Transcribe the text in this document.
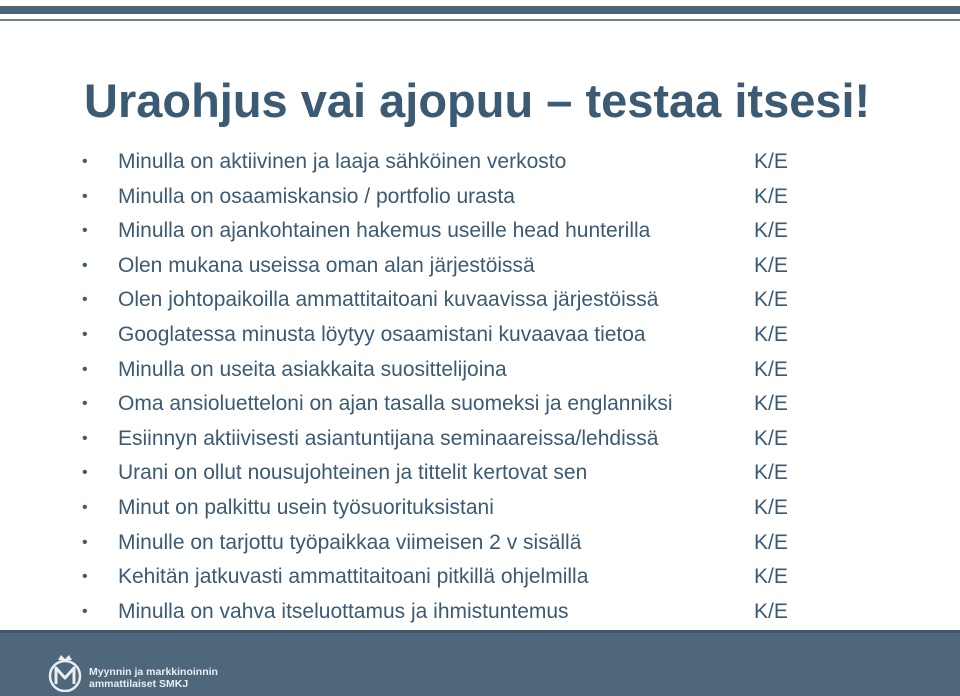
Uraohjus vai ajopuu – testaa itsesi!
• Minulla on aktiivinen ja laaja sähköinen verkosto	K/E
• Minulla on osaamiskansio / portfolio urasta	K/E
• Minulla on ajankohtainen hakemus useille head hunterilla	K/E
• Olen mukana useissa oman alan järjestöissä	K/E
• Olen johtopaikoilla ammattitaitoani kuvaavissa järjestöissä	K/E
• Googlatessa minusta löytyy osaamistani kuvaavaa tietoa	K/E
• Minulla on useita asiakkaita suosittelijoina	K/E
• Oma ansioluetteloni on ajan tasalla suomeksi ja englanniksi	K/E
• Esiinnyn aktiivisesti asiantuntijana seminaareissa/lehdissä	K/E
• Urani on ollut nousujohteinen ja tittelit kertovat sen	K/E
• Minut on palkittu usein työsuorituksistani	K/E
• Minulle on tarjottu työpaikkaa viimeisen 2 v sisällä	K/E
• Kehitän jatkuvasti ammattitaitoani pitkillä ohjelmilla	K/E
• Minulla on vahva itseluottamus ja ihmistuntemus	K/E
Myynnin ja markkinoinnin
ammattilaiset SMKJ
